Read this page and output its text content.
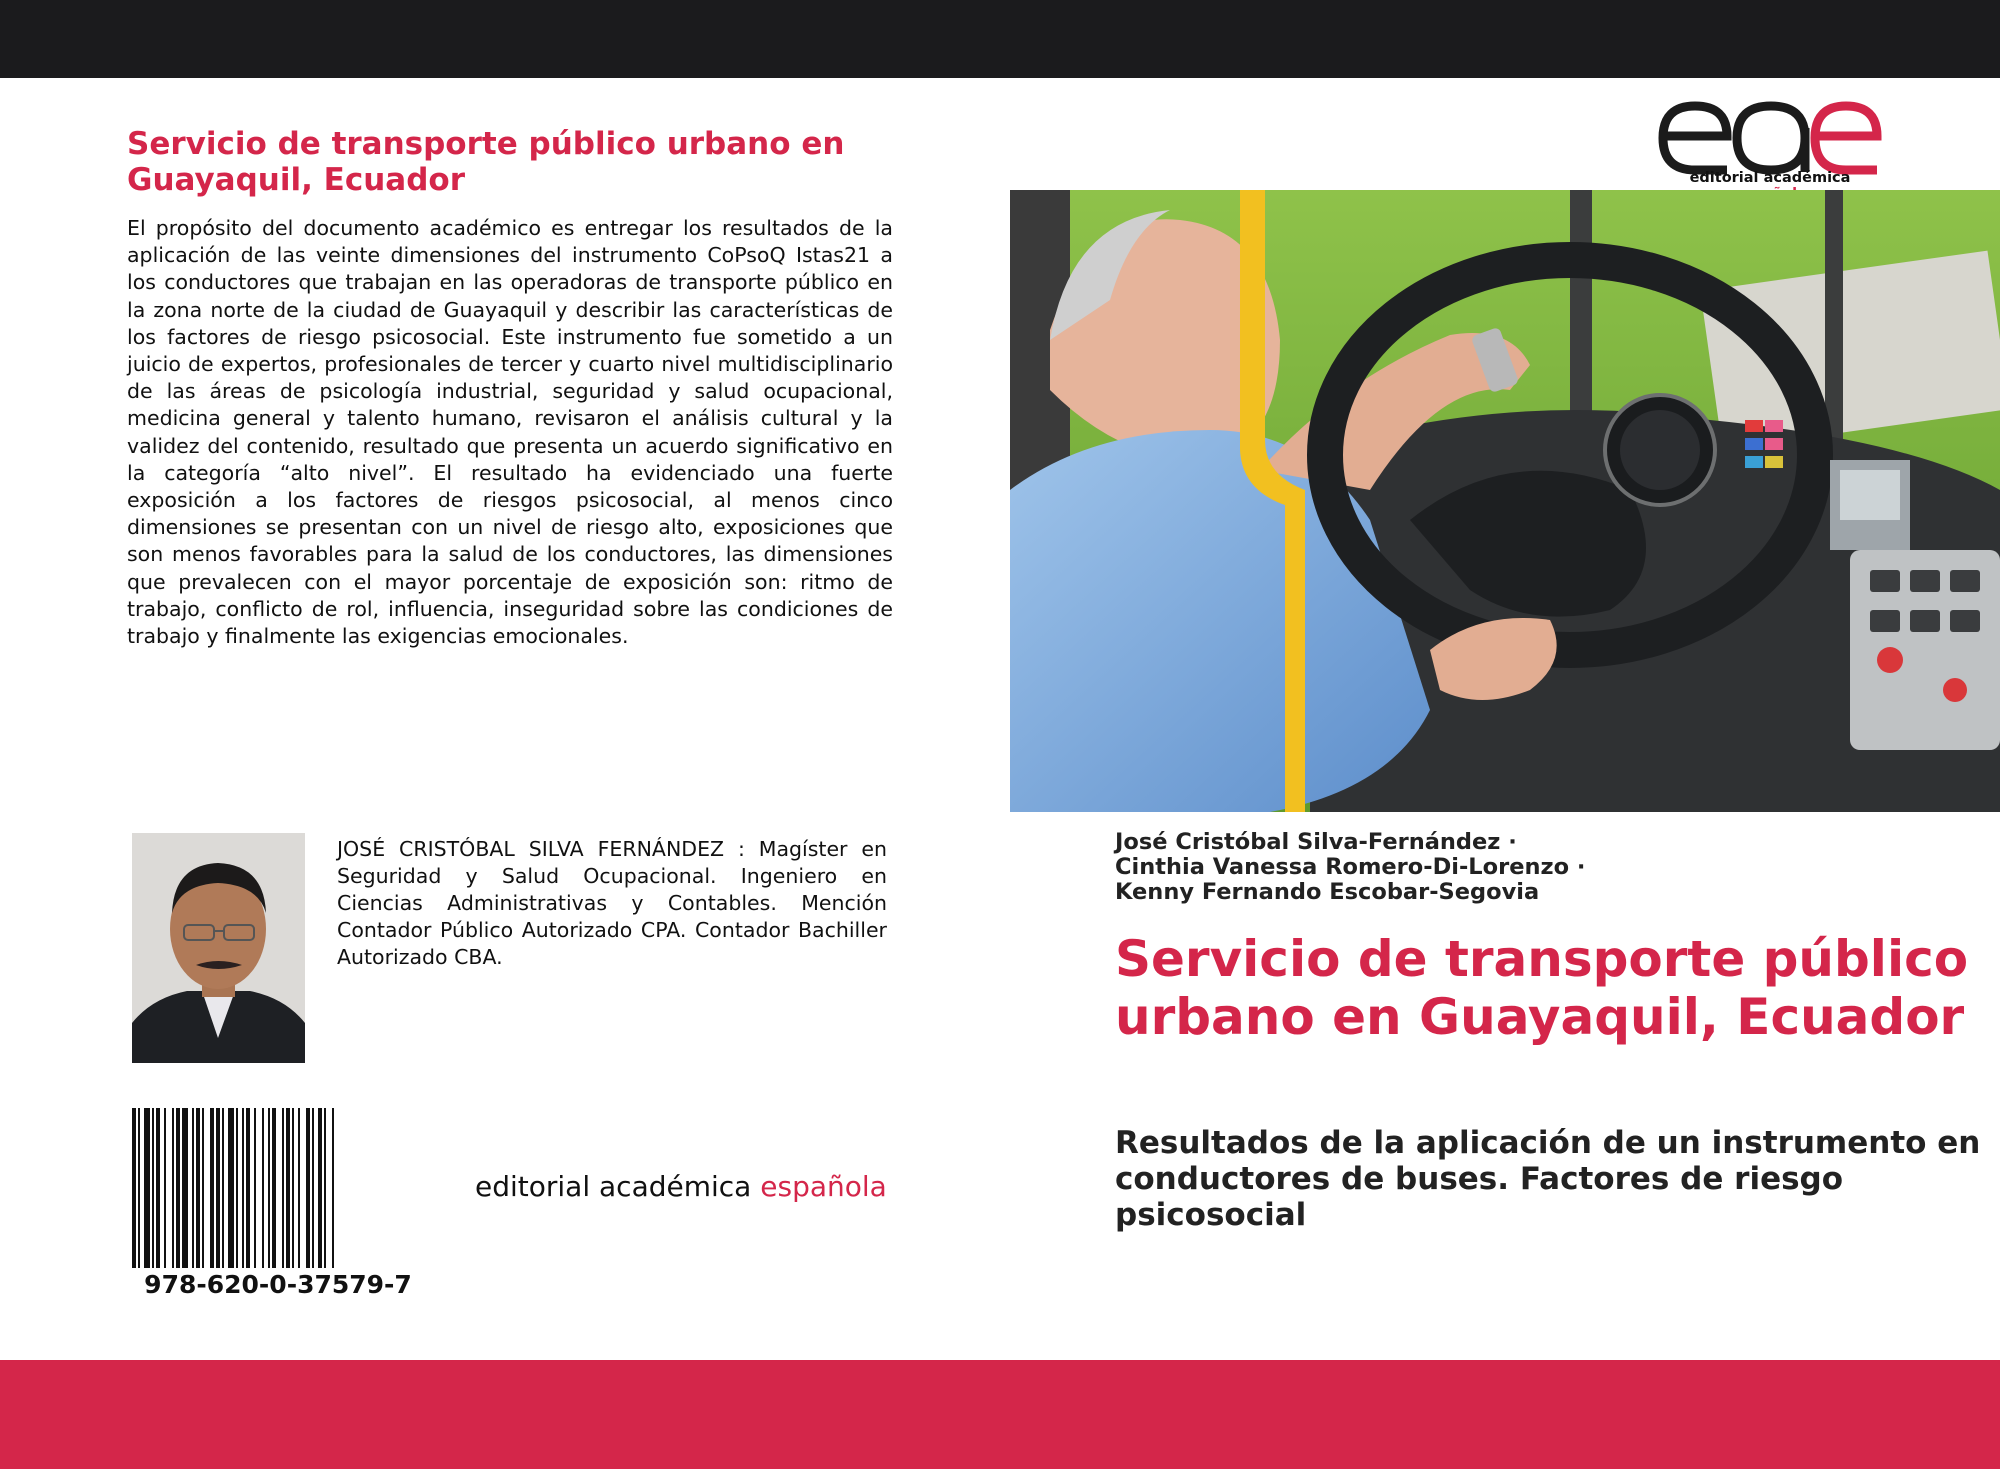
Servicio de transporte público urbano en Guayaquil, Ecuador

El propósito del documento académico es entregar los resultados de la aplicación de las veinte dimensiones del instrumento CoPsoQ Istas21 a los conductores que trabajan en las operadoras de transporte público en la zona norte de la ciudad de Guayaquil y describir las características de los factores de riesgo psicosocial. Este instrumento fue sometido a un juicio de expertos, profesionales de tercer y cuarto nivel multidisciplinario de las áreas de psicología industrial, seguridad y salud ocupacional, medicina general y talento humano, revisaron el análisis cultural y la validez del contenido, resultado que presenta un acuerdo significativo en la categoría “alto nivel”. El resultado ha evidenciado una fuerte exposición a los factores de riesgos psicosocial, al menos cinco dimensiones se presentan con un nivel de riesgo alto, exposiciones que son menos favorables para la salud de los conductores, las dimensiones que prevalecen con el mayor porcentaje de exposición son: ritmo de trabajo, conflicto de rol, influencia, inseguridad sobre las condiciones de trabajo y finalmente las exigencias emocionales.

JOSÉ CRISTÓBAL SILVA FERNÁNDEZ : Magíster en Seguridad y Salud Ocupacional. Ingeniero en Ciencias Administrativas y Contables. Mención Contador Público Autorizado CPA. Contador Bachiller Autorizado CBA.

978-620-0-37579-7
editorial académica española
editorial académica
José Cristóbal Silva-Fernández ·
Cinthia Vanessa Romero-Di-Lorenzo ·
Kenny Fernando Escobar-Segovia
Servicio de transporte público urbano en Guayaquil, Ecuador
Resultados de la aplicación de un instrumento en conductores de buses. Factores de riesgo psicosocial
